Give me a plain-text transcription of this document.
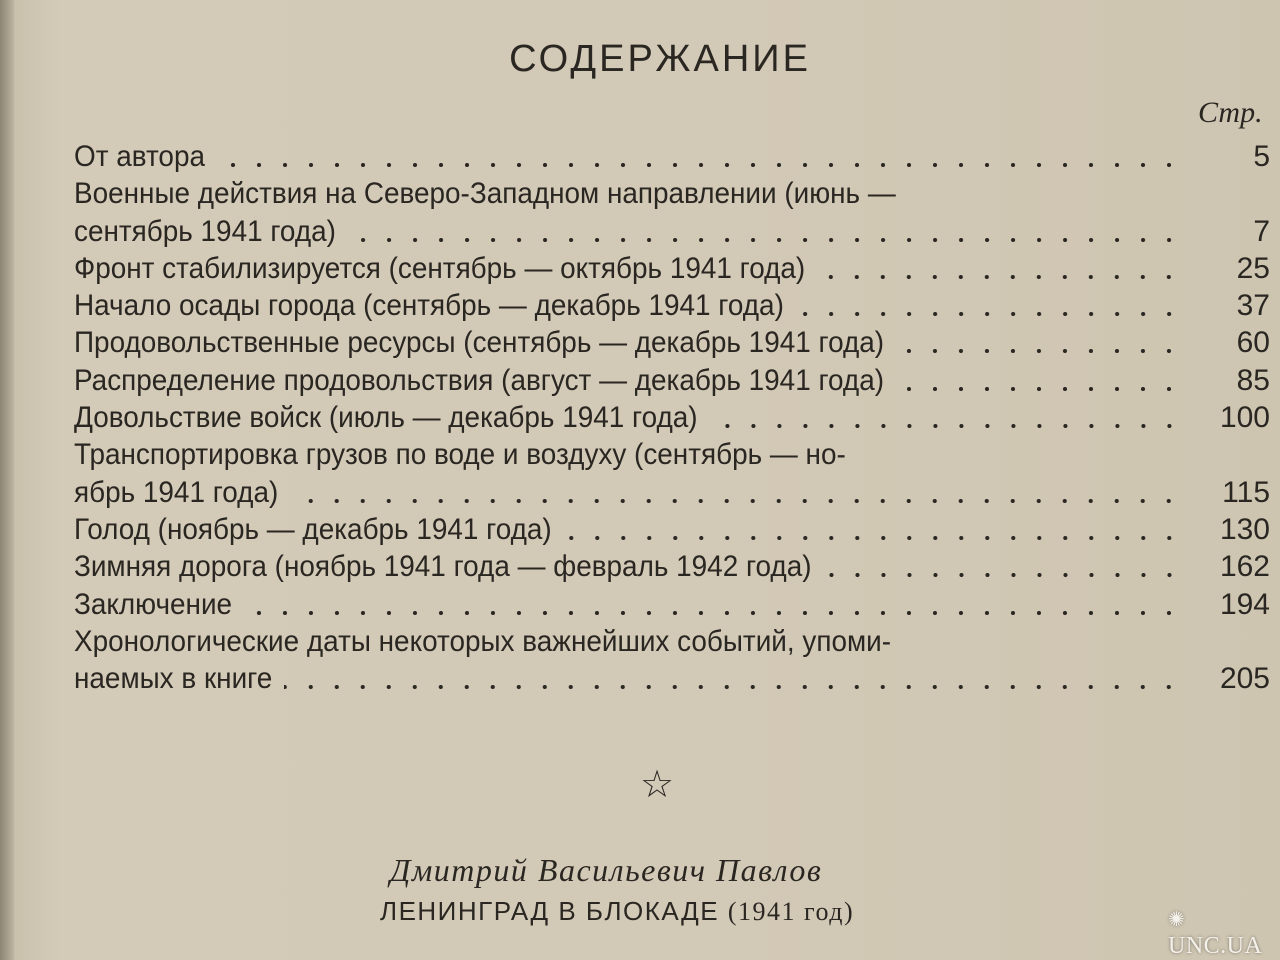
СОДЕРЖАНИЕ
Стр.
От автора	5
Военные действия на Северо-Западном направлении (июнь —
сентябрь 1941 года)	7
Фронт стабилизируется (сентябрь — октябрь 1941 года)	25
Начало осады города (сентябрь — декабрь 1941 года)	37
Продовольственные ресурсы (сентябрь — декабрь 1941 года)	60
Распределение продовольствия (август — декабрь 1941 года)	85
Довольствие войск (июль — декабрь 1941 года)	100
Транспортировка грузов по воде и воздуху (сентябрь — но-
ябрь 1941 года)	115
Голод (ноябрь — декабрь 1941 года)	130
Зимняя дорога (ноябрь 1941 года — февраль 1942 года)	162
Заключение	194
Хронологические даты некоторых важнейших событий, упоми-
наемых в книге	205
☆
Дмитрий Васильевич Павлов
ЛЕНИНГРАД В БЛОКАДЕ (1941 год)	✺ UNC.UA
